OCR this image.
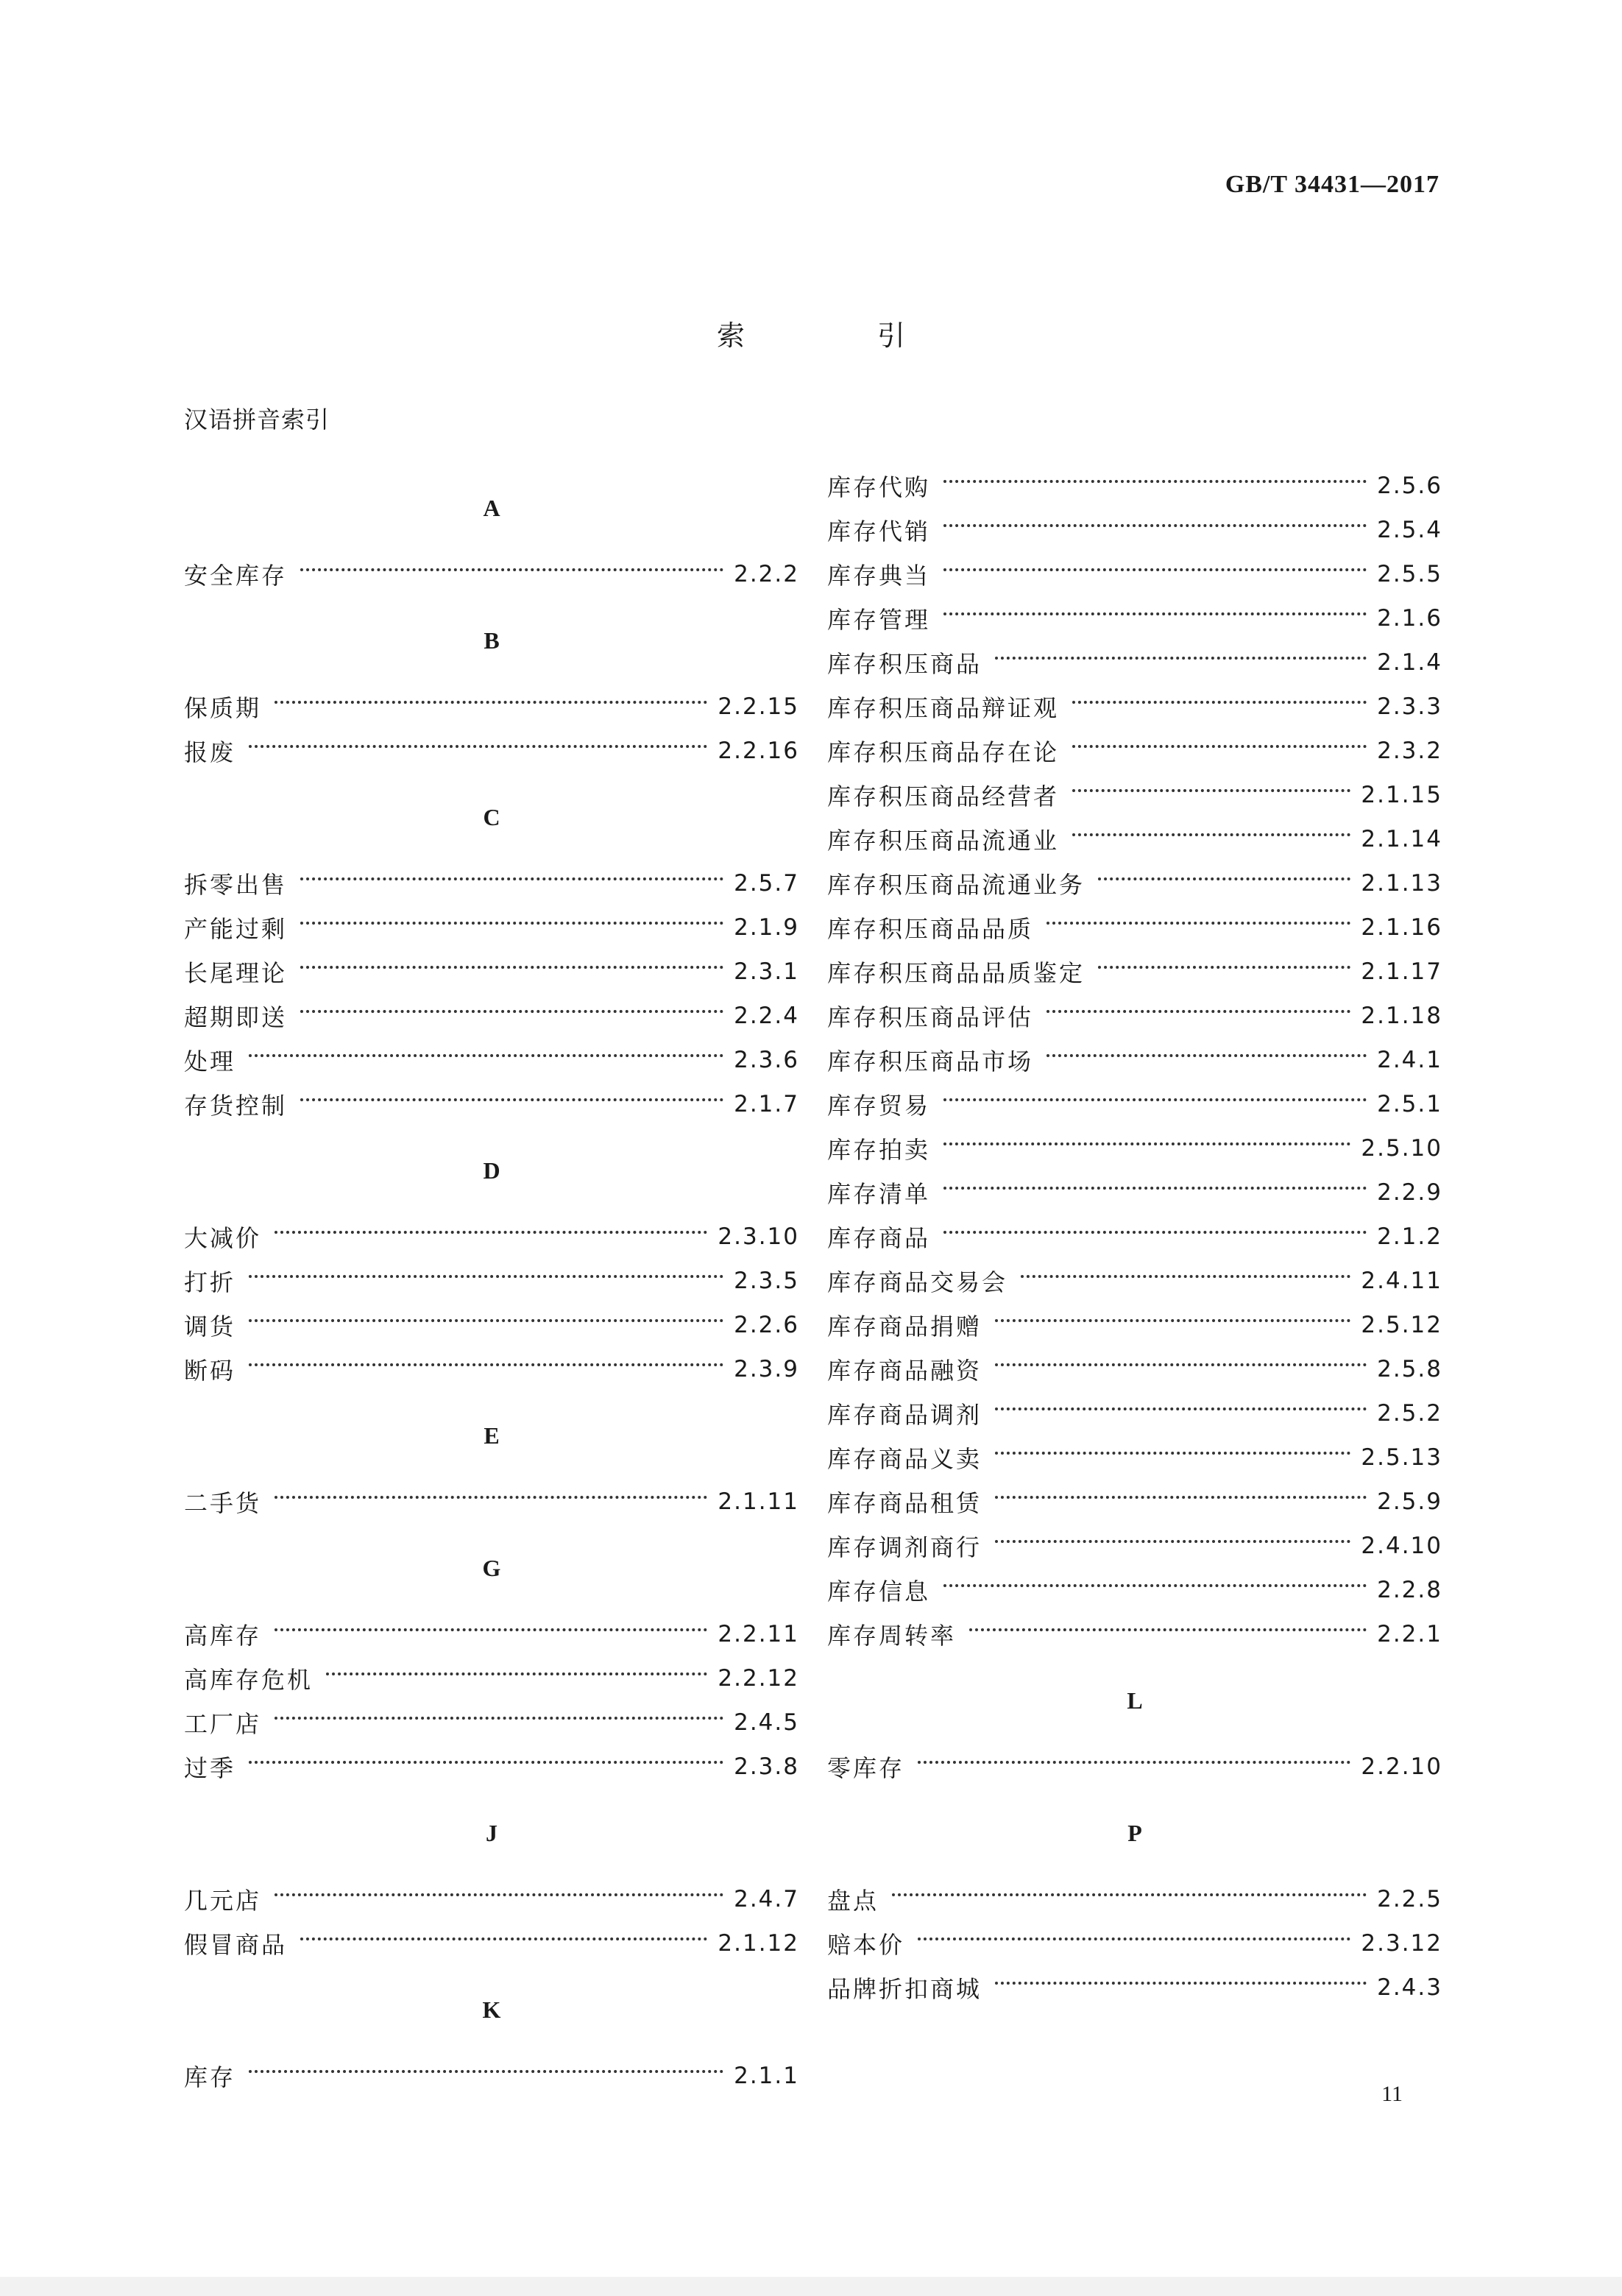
GB/T 34431—2017
索	引
汉语拼音索引
A
安全库存	2.2.2
B
保质期	2.2.15
报废	2.2.16
C
拆零出售	2.5.7
产能过剩	2.1.9
长尾理论	2.3.1
超期即送	2.2.4
处理	2.3.6
存货控制	2.1.7
D
大减价	2.3.10
打折	2.3.5
调货	2.2.6
断码	2.3.9
E
二手货	2.1.11
G
高库存	2.2.11
高库存危机	2.2.12
工厂店	2.4.5
过季	2.3.8
J
几元店	2.4.7
假冒商品	2.1.12
K
库存	2.1.1
库存代购	2.5.6
库存代销	2.5.4
库存典当	2.5.5
库存管理	2.1.6
库存积压商品	2.1.4
库存积压商品辩证观	2.3.3
库存积压商品存在论	2.3.2
库存积压商品经营者	2.1.15
库存积压商品流通业	2.1.14
库存积压商品流通业务	2.1.13
库存积压商品品质	2.1.16
库存积压商品品质鉴定	2.1.17
库存积压商品评估	2.1.18
库存积压商品市场	2.4.1
库存贸易	2.5.1
库存拍卖	2.5.10
库存清单	2.2.9
库存商品	2.1.2
库存商品交易会	2.4.11
库存商品捐赠	2.5.12
库存商品融资	2.5.8
库存商品调剂	2.5.2
库存商品义卖	2.5.13
库存商品租赁	2.5.9
库存调剂商行	2.4.10
库存信息	2.2.8
库存周转率	2.2.1
L
零库存	2.2.10
P
盘点	2.2.5
赔本价	2.3.12
品牌折扣商城	2.4.3
11
